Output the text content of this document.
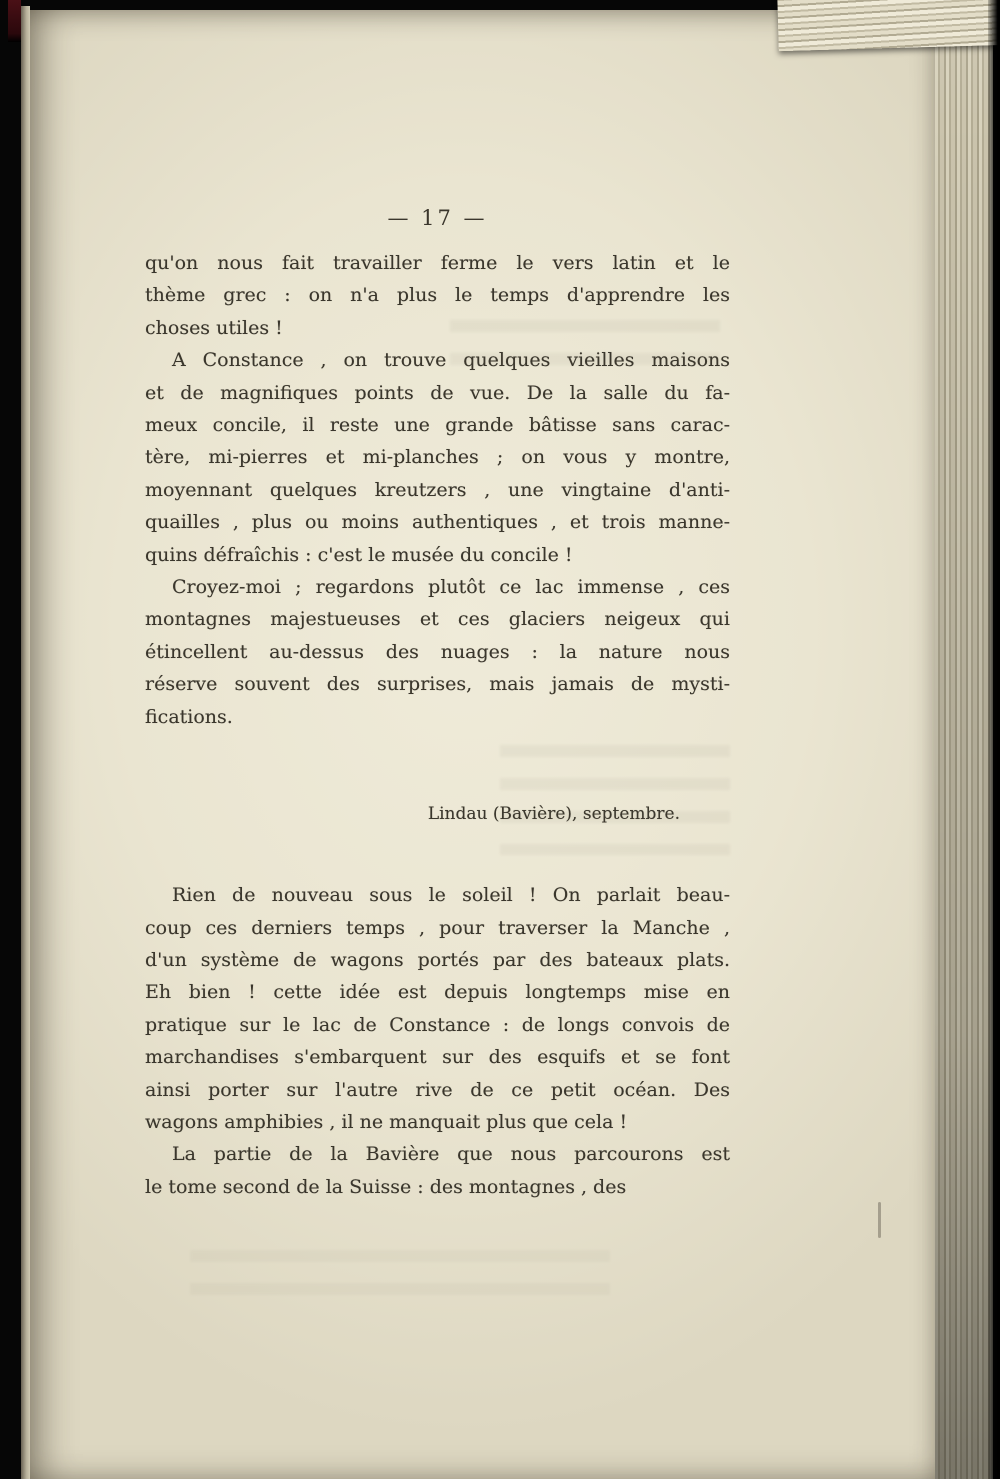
— 17 —
qu'on nous fait travailler ferme le vers latin et le
thème grec : on n'a plus le temps d'apprendre les
choses utiles !
A Constance , on trouve quelques vieilles maisons
et de magnifiques points de vue. De la salle du fa-
meux concile, il reste une grande bâtisse sans carac-
tère, mi-pierres et mi-planches ; on vous y montre,
moyennant quelques kreutzers , une vingtaine d'anti-
quailles , plus ou moins authentiques , et trois manne-
quins défraîchis : c'est le musée du concile !
Croyez-moi ; regardons plutôt ce lac immense , ces
montagnes majestueuses et ces glaciers neigeux qui
étincellent au-dessus des nuages : la nature nous
réserve souvent des surprises, mais jamais de mysti-
fications.
Lindau (Bavière), septembre.
Rien de nouveau sous le soleil ! On parlait beau-
coup ces derniers temps , pour traverser la Manche ,
d'un système de wagons portés par des bateaux plats.
Eh bien ! cette idée est depuis longtemps mise en
pratique sur le lac de Constance : de longs convois de
marchandises s'embarquent sur des esquifs et se font
ainsi porter sur l'autre rive de ce petit océan. Des
wagons amphibies , il ne manquait plus que cela !
La partie de la Bavière que nous parcourons est
le tome second de la Suisse : des montagnes , des
